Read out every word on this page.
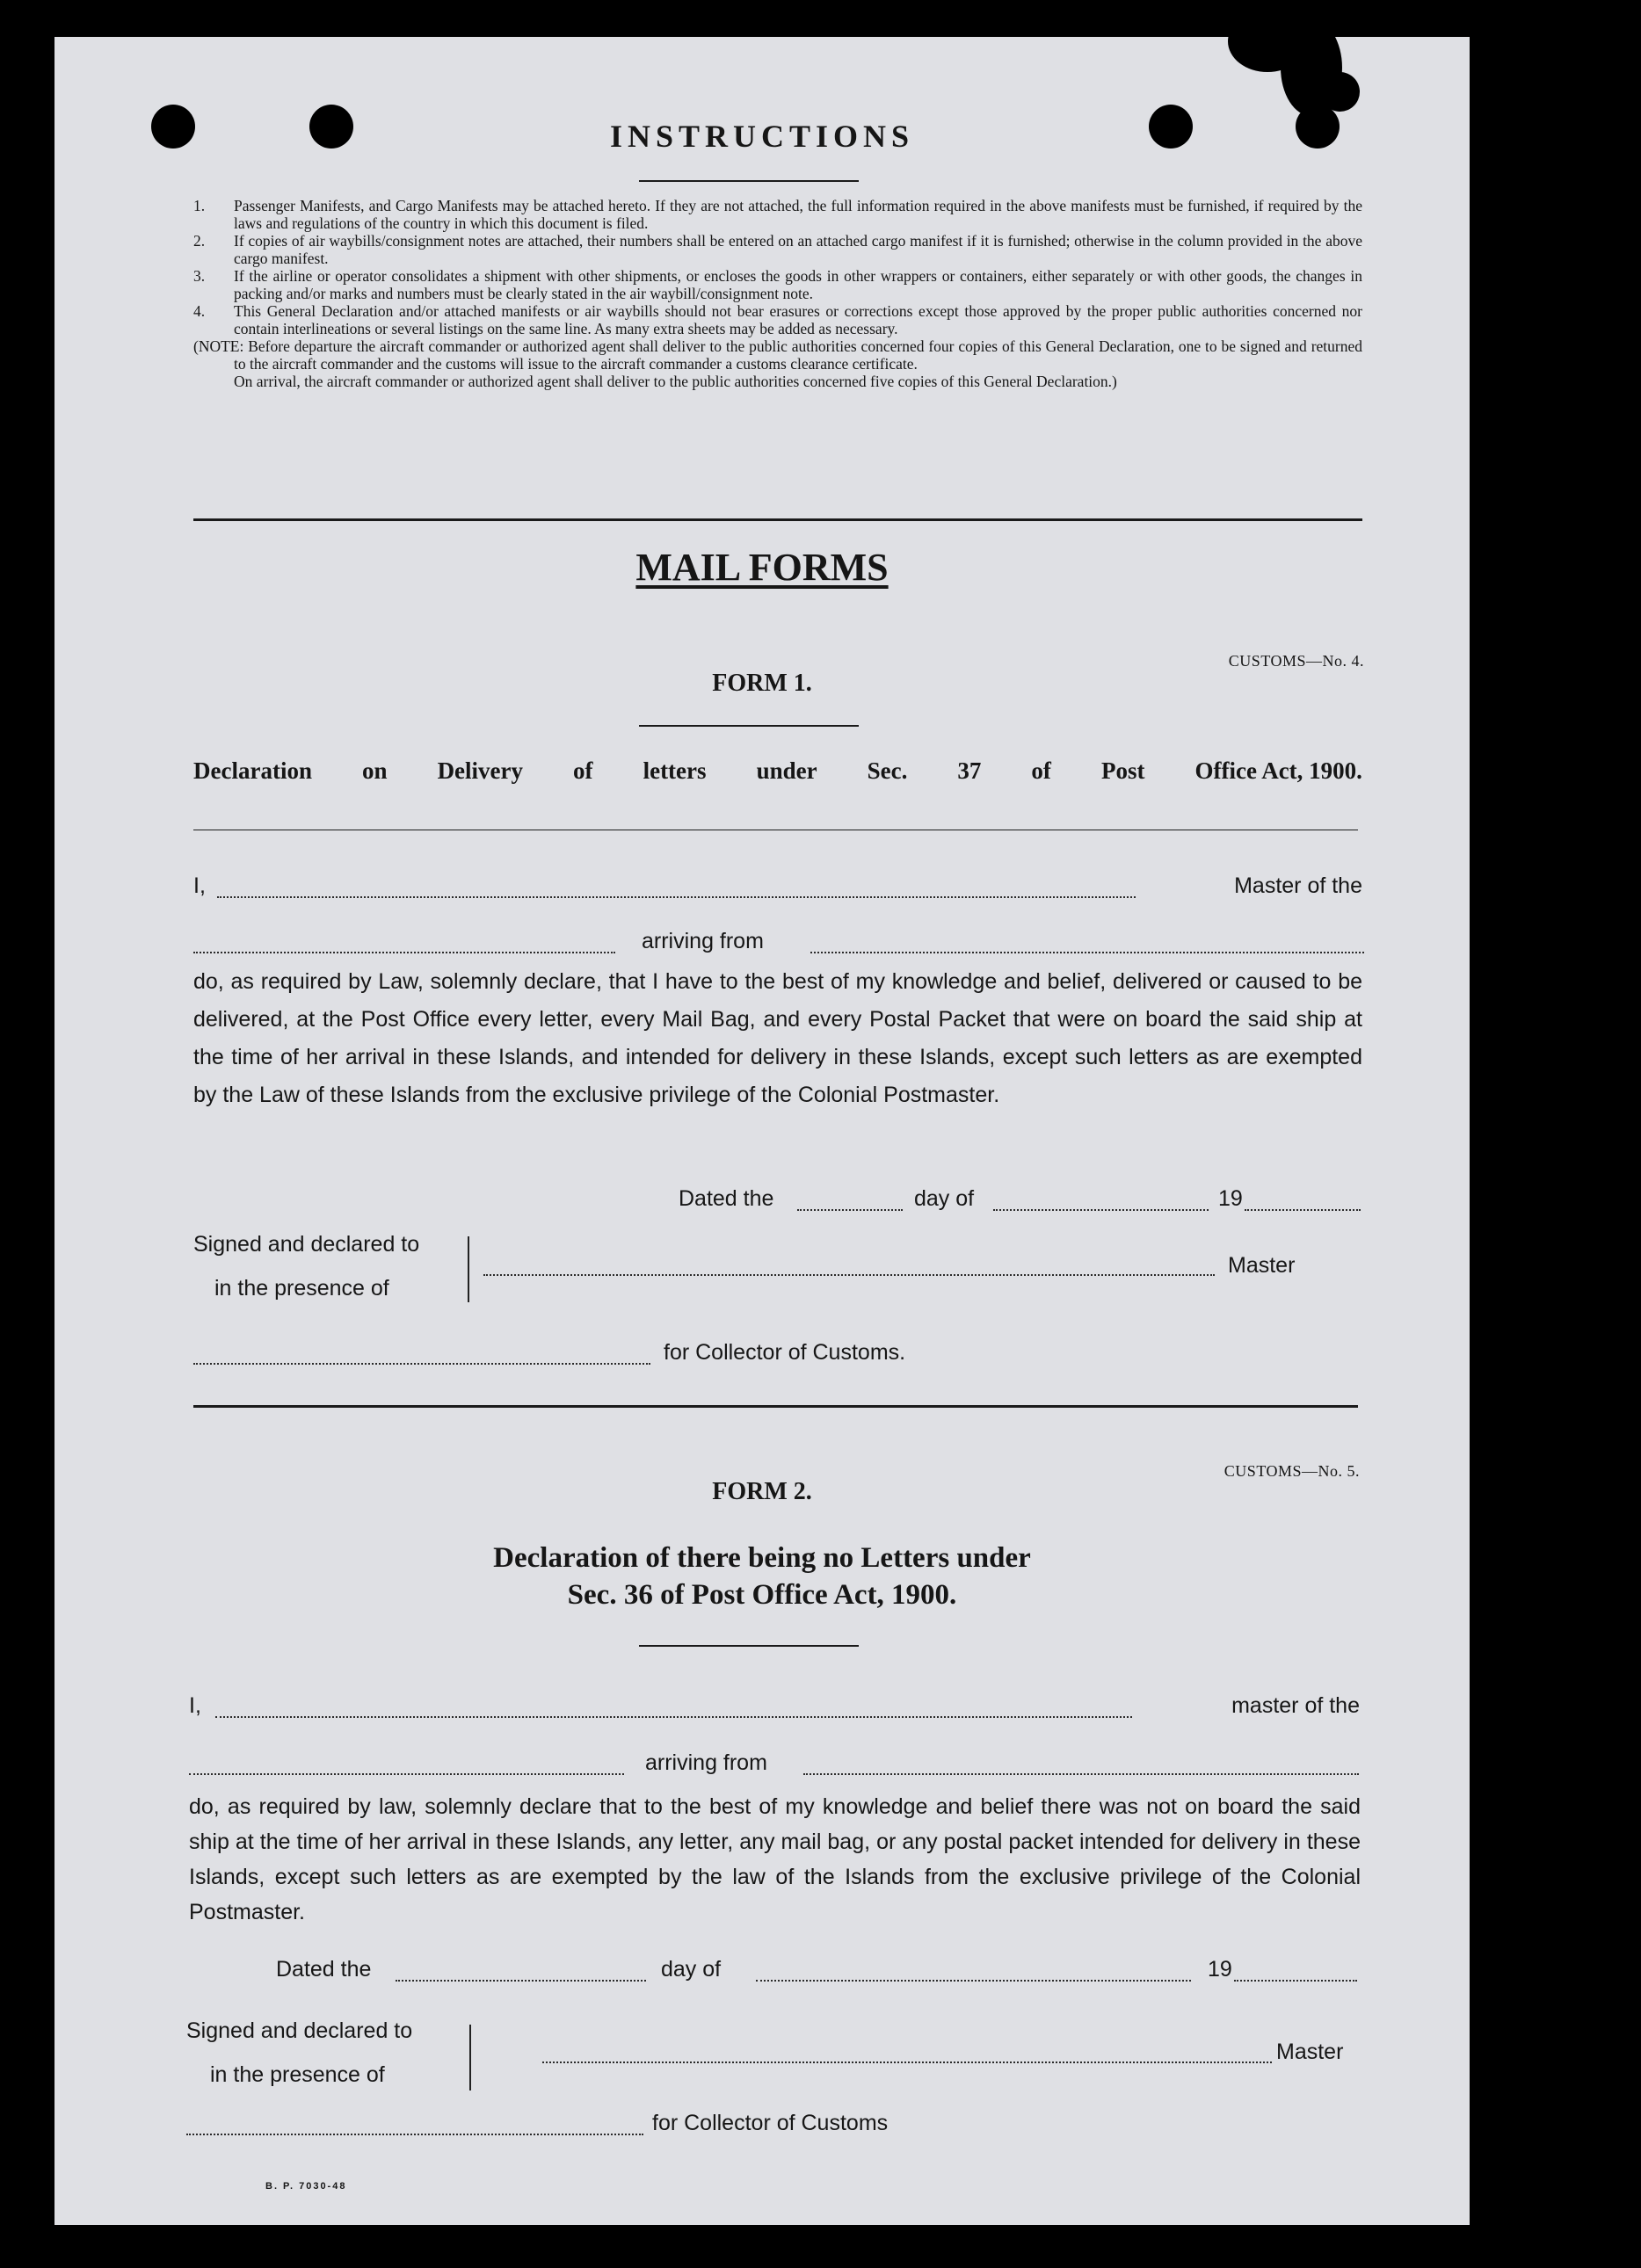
INSTRUCTIONS
1. Passenger Manifests, and Cargo Manifests may be attached hereto. If they are not attached, the full information required in the above manifests must be furnished, if required by the laws and regulations of the country in which this document is filed.
2. If copies of air waybills/consignment notes are attached, their numbers shall be entered on an attached cargo manifest if it is furnished; otherwise in the column provided in the above cargo manifest.
3. If the airline or operator consolidates a shipment with other shipments, or encloses the goods in other wrappers or containers, either separately or with other goods, the changes in packing and/or marks and numbers must be clearly stated in the air waybill/consignment note.
4. This General Declaration and/or attached manifests or air waybills should not bear erasures or corrections except those approved by the proper public authorities concerned nor contain interlineations or several listings on the same line. As many extra sheets may be added as necessary.
(NOTE: Before departure the aircraft commander or authorized agent shall deliver to the public authorities concerned four copies of this General Declaration, one to be signed and returned to the aircraft commander and the customs will issue to the aircraft commander a customs clearance certificate.
On arrival, the aircraft commander or authorized agent shall deliver to the public authorities concerned five copies of this General Declaration.)
MAIL FORMS
CUSTOMS—No. 4.
FORM 1.
Declaration on Delivery of letters under Sec. 37 of Post Office Act, 1900.
I,	Master of the
arriving from
do, as required by Law, solemnly declare, that I have to the best of my knowledge and belief, delivered or caused to be delivered, at the Post Office every letter, every Mail Bag, and every Postal Packet that were on board the said ship at the time of her arrival in these Islands, and intended for delivery in these Islands, except such letters as are exempted by the Law of these Islands from the exclusive privilege of the Colonial Postmaster.
Dated the	day of	19
Signed and declared to
in the presence of
Master
for Collector of Customs.
CUSTOMS—No. 5.
FORM 2.
Declaration of there being no Letters under
Sec. 36 of Post Office Act, 1900.
I,	master of the
arriving from
do, as required by law, solemnly declare that to the best of my knowledge and belief there was not on board the said ship at the time of her arrival in these Islands, any letter, any mail bag, or any postal packet intended for delivery in these Islands, except such letters as are exempted by the law of the Islands from the exclusive privilege of the Colonial Postmaster.
Dated the	day of	19
Signed and declared to
in the presence of
Master
for Collector of Customs
B. P. 7030-48
